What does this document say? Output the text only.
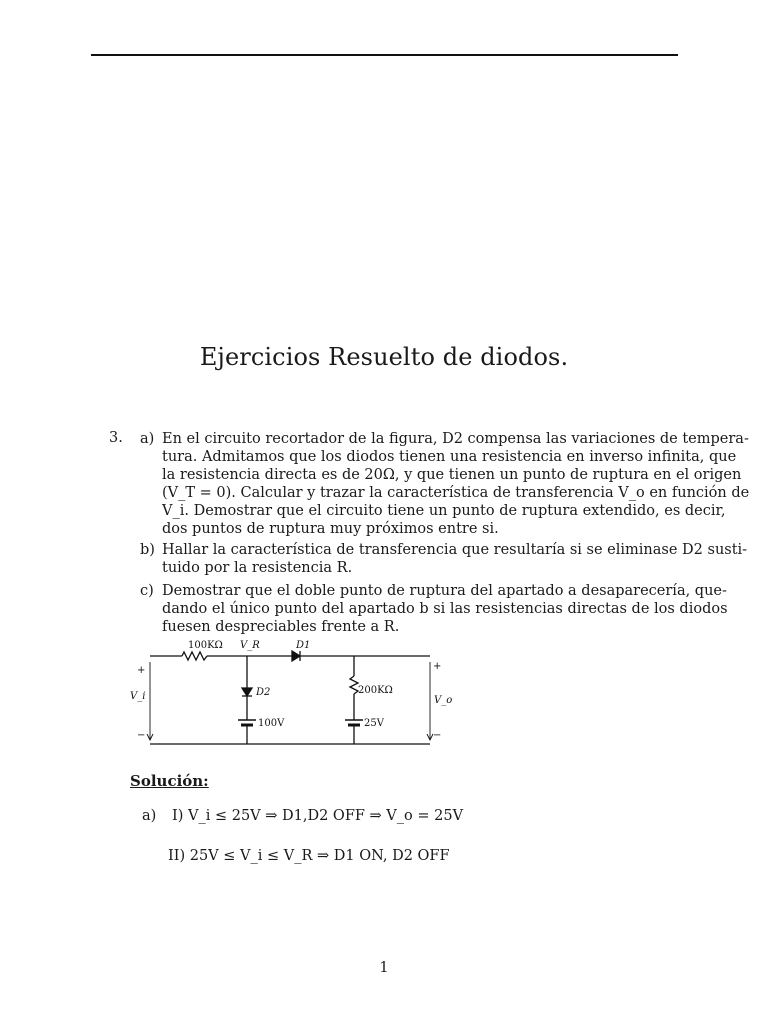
Ejercicios Resuelto de diodos.
3. a) En el circuito recortador de la figura, D2 compensa las variaciones de tempera-
tura. Admitamos que los diodos tienen una resistencia en inverso infinita, que
la resistencia directa es de 20Ω, y que tienen un punto de ruptura en el origen
(V_T = 0). Calcular y trazar la característica de transferencia V_o en función de
V_i. Demostrar que el circuito tiene un punto de ruptura extendido, es decir,
dos puntos de ruptura muy próximos entre si.
b) Hallar la característica de transferencia que resultaría si se eliminase D2 susti-
tuido por la resistencia R.
c) Demostrar que el doble punto de ruptura del apartado a desaparecería, que-
dando el único punto del apartado b si las resistencias directas de los diodos
fuesen despreciables frente a R.
100KΩ V_R	D1
D2	200KΩ
100V	25V
V_i	V_o
+
−
+
−
Solución:
a) I) V_i ≤ 25V ⇒ D1,D2 OFF ⇒ V_o = 25V
II) 25V ≤ V_i ≤ V_R ⇒ D1 ON, D2 OFF
1
